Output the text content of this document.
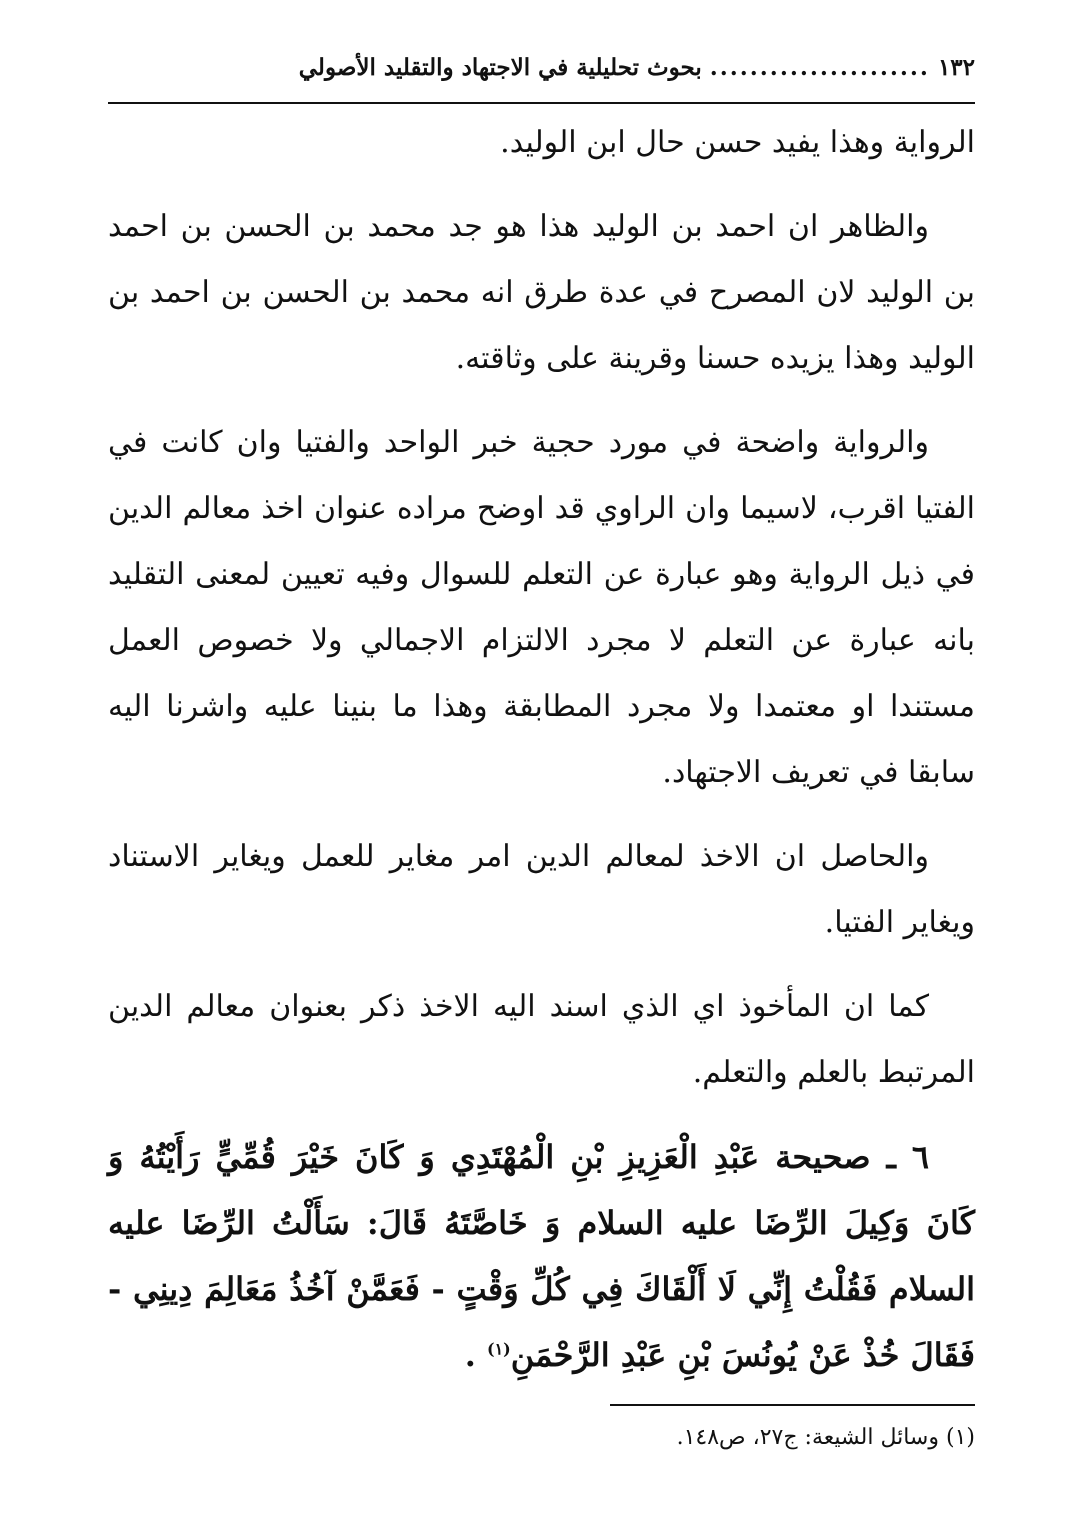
١٣٢
......................
بحوث تحليلية في الاجتهاد والتقليد الأصولي

الرواية وهذا يفيد حسن حال ابن الوليد.

والظاهر ان احمد بن الوليد هذا هو جد محمد بن الحسن بن احمد بن الوليد لان المصرح في عدة طرق انه محمد بن الحسن بن احمد بن الوليد وهذا يزيده حسنا وقرينة على وثاقته.

والرواية واضحة في مورد حجية خبر الواحد والفتيا وان كانت في الفتيا اقرب، لاسيما وان الراوي قد اوضح مراده عنوان اخذ معالم الدين في ذيل الرواية وهو عبارة عن التعلم للسوال وفيه تعيين لمعنى التقليد بانه عبارة عن التعلم لا مجرد الالتزام الاجمالي ولا خصوص العمل مستندا او معتمدا ولا مجرد المطابقة وهذا ما بنينا عليه واشرنا اليه سابقا في تعريف الاجتهاد.

والحاصل ان الاخذ لمعالم الدين امر مغاير للعمل ويغاير الاستناد ويغاير الفتيا.

كما ان المأخوذ اي الذي اسند اليه الاخذ ذكر بعنوان معالم الدين المرتبط بالعلم والتعلم.

٦ ـ صحيحة عَبْدِ الْعَزِيزِ بْنِ الْمُهْتَدِي وَ كَانَ خَيْرَ قُمِّيٍّ رَأَيْتُهُ وَ كَانَ وَكِيلَ الرِّضَا عليه السلام وَ خَاصَّتَهُ قَالَ: سَأَلْتُ الرِّضَا عليه السلام فَقُلْتُ إِنِّي لَا أَلْقَاكَ فِي كُلِّ وَقْتٍ - فَعَمَّنْ آخُذُ مَعَالِمَ دِينِي - فَقَالَ خُذْ عَنْ يُونُسَ بْنِ عَبْدِ الرَّحْمَنِ$^{(١)}$ .

(١) وسائل الشيعة: ج٢٧، ص١٤٨.
